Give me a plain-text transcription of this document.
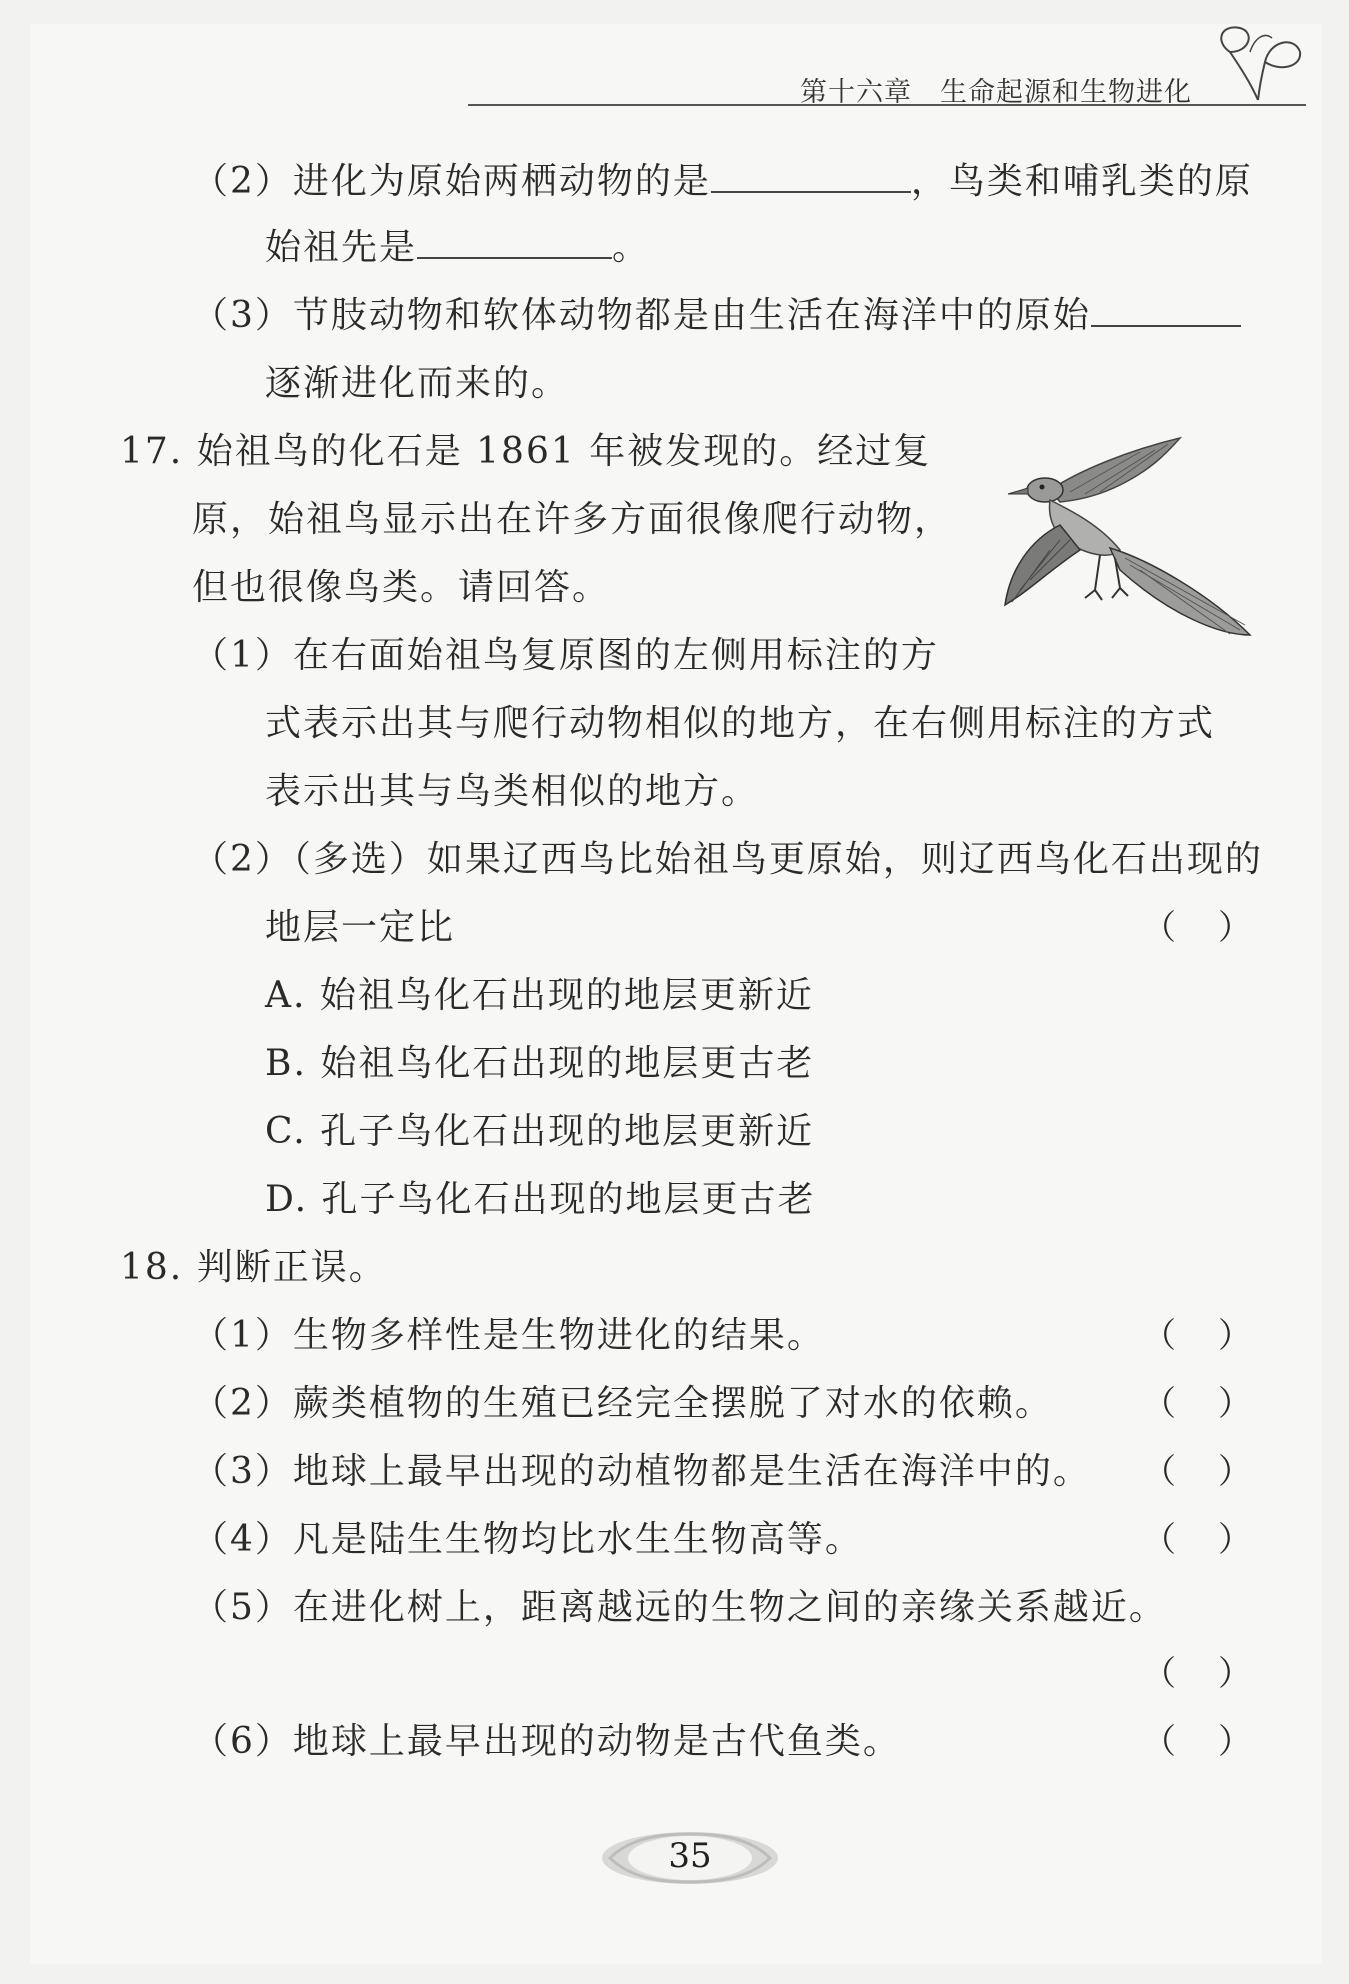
第十六章　生命起源和生物进化
（2）进化为原始两栖动物的是	，鸟类和哺乳类的原
始祖先是	。
（3）节肢动物和软体动物都是由生活在海洋中的原始
逐渐进化而来的。
17. 始祖鸟的化石是 1861 年被发现的。经过复
原，始祖鸟显示出在许多方面很像爬行动物，
但也很像鸟类。请回答。
（1）在右面始祖鸟复原图的左侧用标注的方
式表示出其与爬行动物相似的地方，在右侧用标注的方式
表示出其与鸟类相似的地方。
（2）（多选）如果辽西鸟比始祖鸟更原始，则辽西鸟化石出现的
地层一定比	（ ）
A. 始祖鸟化石出现的地层更新近
B. 始祖鸟化石出现的地层更古老
C. 孔子鸟化石出现的地层更新近
D. 孔子鸟化石出现的地层更古老
18. 判断正误。
（1）生物多样性是生物进化的结果。	（ ）
（2）蕨类植物的生殖已经完全摆脱了对水的依赖。	（ ）
（3）地球上最早出现的动植物都是生活在海洋中的。 （ ）
（4）凡是陆生生物均比水生生物高等。	（ ）
（5）在进化树上，距离越远的生物之间的亲缘关系越近。
（ ）
（6）地球上最早出现的动物是古代鱼类。	（ ）
35
